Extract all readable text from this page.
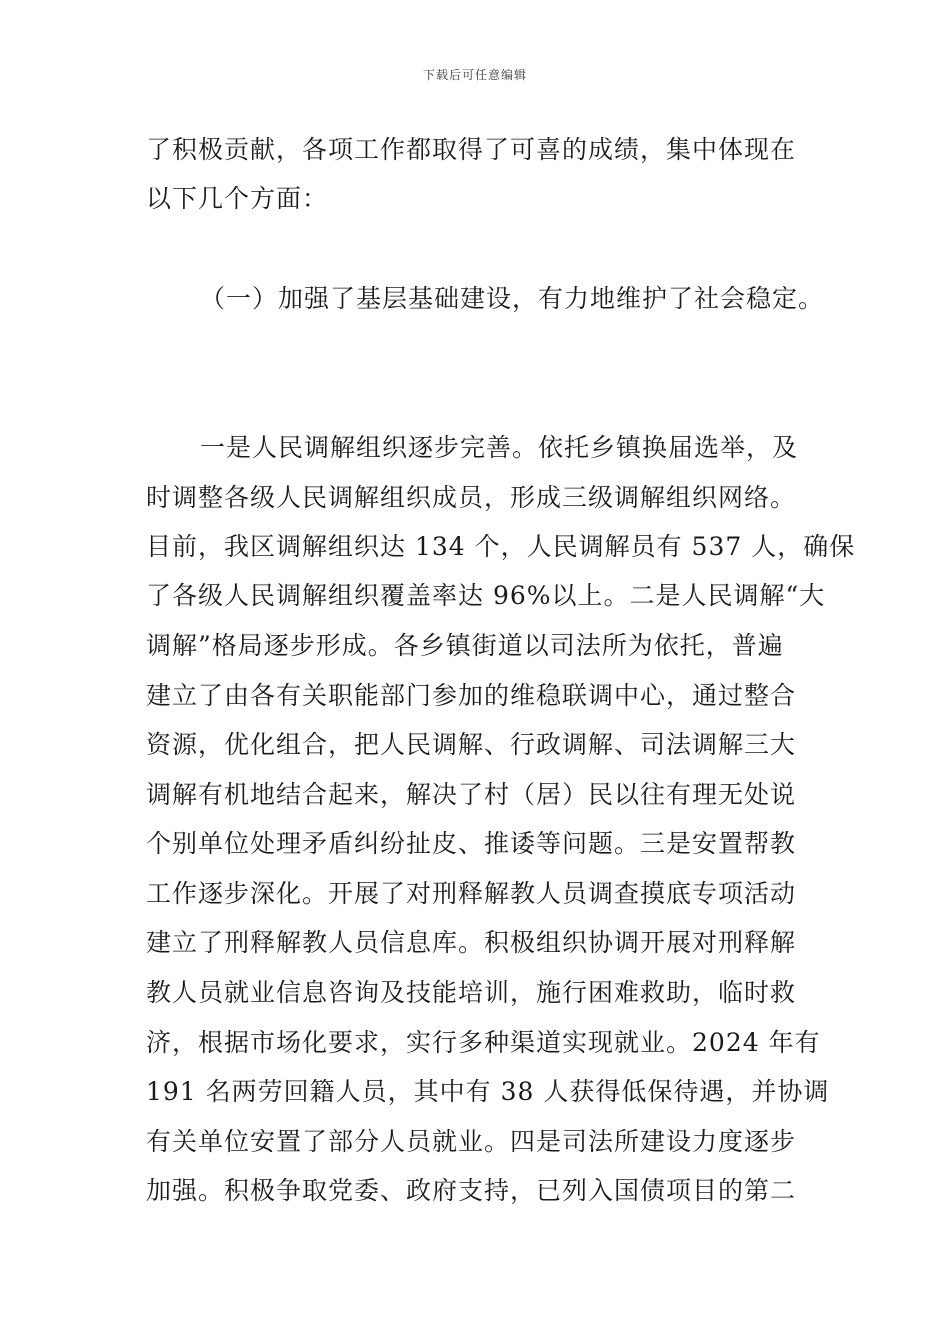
下载后可任意编辑
了积极贡献，各项工作都取得了可喜的成绩，集中体现在
以下几个方面：
（一）加强了基层基础建设，有力地维护了社会稳定。
一是人民调解组织逐步完善。依托乡镇换届选举，及
时调整各级人民调解组织成员，形成三级调解组织网络。
目前，我区调解组织达 134 个，人民调解员有 537 人，确保
了各级人民调解组织覆盖率达 96%以上。二是人民调解“大
调解”格局逐步形成。各乡镇街道以司法所为依托，普遍
建立了由各有关职能部门参加的维稳联调中心，通过整合
资源，优化组合，把人民调解、行政调解、司法调解三大
调解有机地结合起来，解决了村（居）民以往有理无处说
个别单位处理矛盾纠纷扯皮、推诿等问题。三是安置帮教
工作逐步深化。开展了对刑释解教人员调查摸底专项活动
建立了刑释解教人员信息库。积极组织协调开展对刑释解
教人员就业信息咨询及技能培训，施行困难救助，临时救
济，根据市场化要求，实行多种渠道实现就业。2024 年有
191 名两劳回籍人员，其中有 38 人获得低保待遇，并协调
有关单位安置了部分人员就业。四是司法所建设力度逐步
加强。积极争取党委、政府支持，已列入国债项目的第二
